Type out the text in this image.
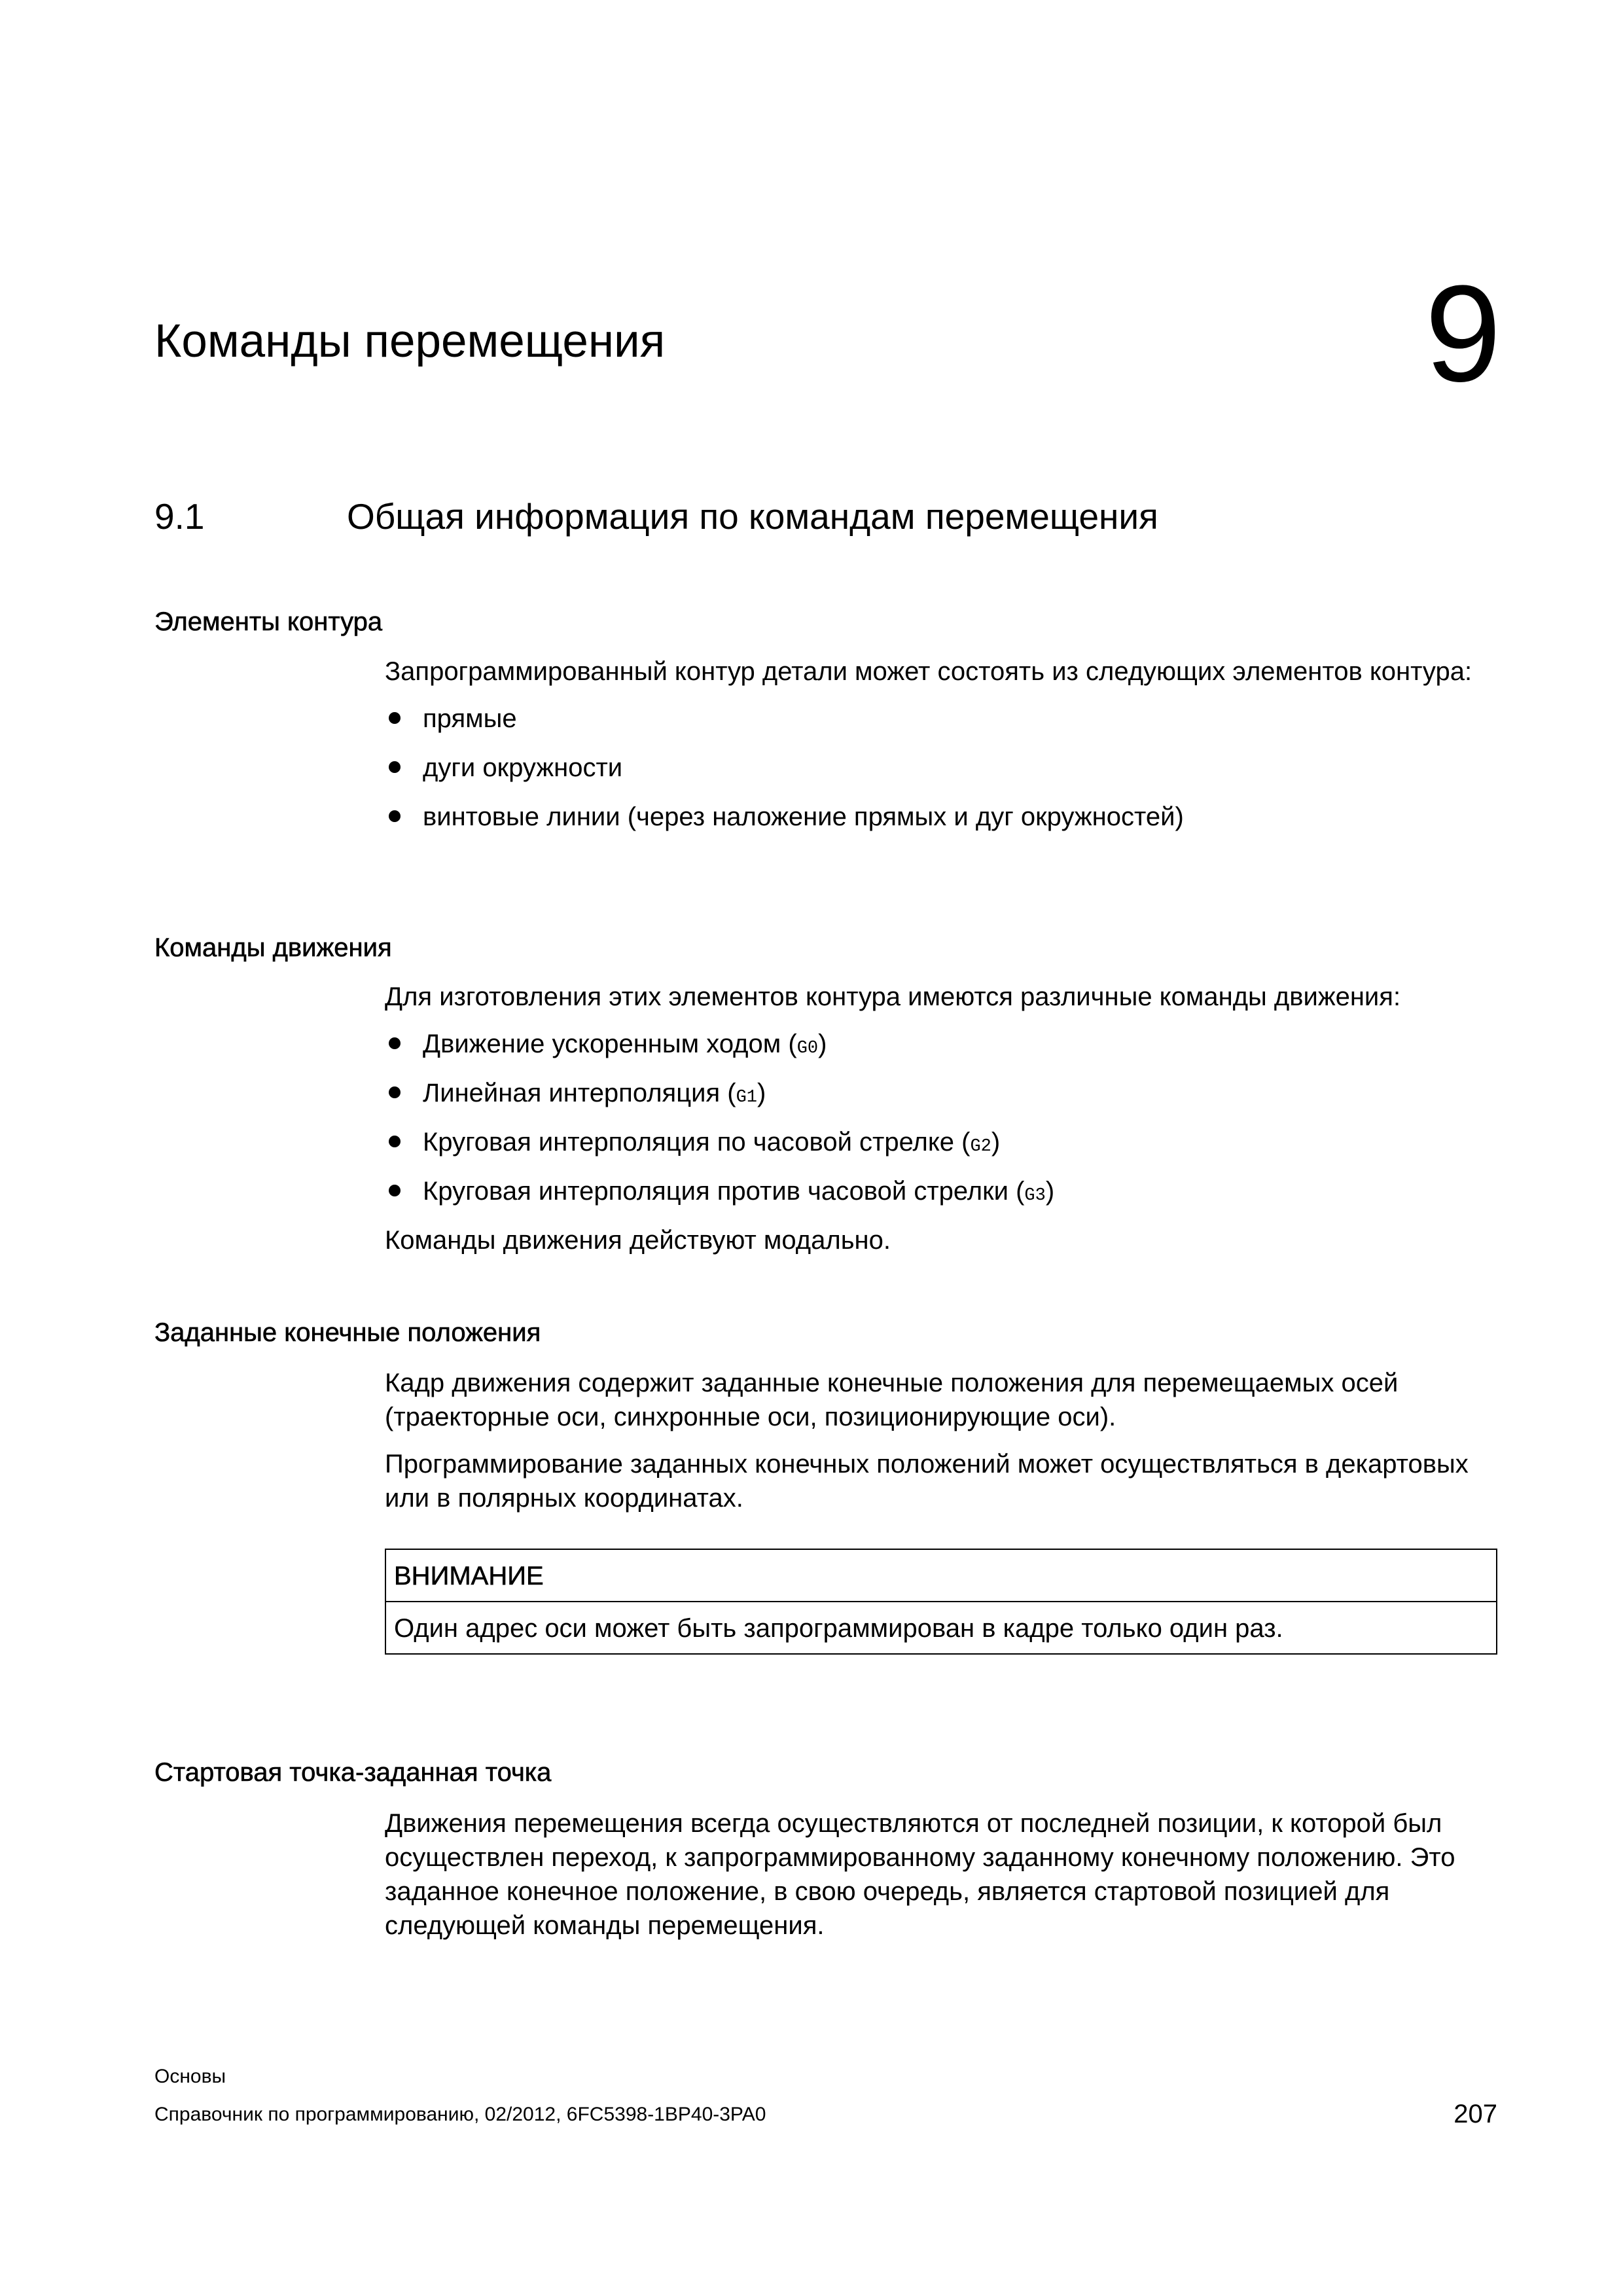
Команды перемещения	9
9.1	Общая информация по командам перемещения
Элементы контура

Запрограммированный контур детали может состоять из следующих элементов контура:

прямые
дуги окружности
винтовые линии (через наложение прямых и дуг окружностей)
Команды движения

Для изготовления этих элементов контура имеются различные команды движения:

Движение ускоренным ходом (G0)
Линейная интерполяция (G1)
Круговая интерполяция по часовой стрелке (G2)
Круговая интерполяция против часовой стрелки (G3)

Команды движения действуют модально.

Заданные конечные положения

Кадр движения содержит заданные конечные положения для перемещаемых осей (траекторные оси, синхронные оси, позиционирующие оси).

Программирование заданных конечных положений может осуществляться в декартовых или в полярных координатах.

ВНИМАНИЕ
Один адрес оси может быть запрограммирован в кадре только один раз.
Стартовая точка-заданная точка

Движения перемещения всегда осуществляются от последней позиции, к которой был осуществлен переход, к запрограммированному заданному конечному положению. Это заданное конечное положение, в свою очередь, является стартовой позицией для следующей команды перемещения.

Основы
Справочник по программированию, 02/2012, 6FC5398-1BP40-3PA0	207
